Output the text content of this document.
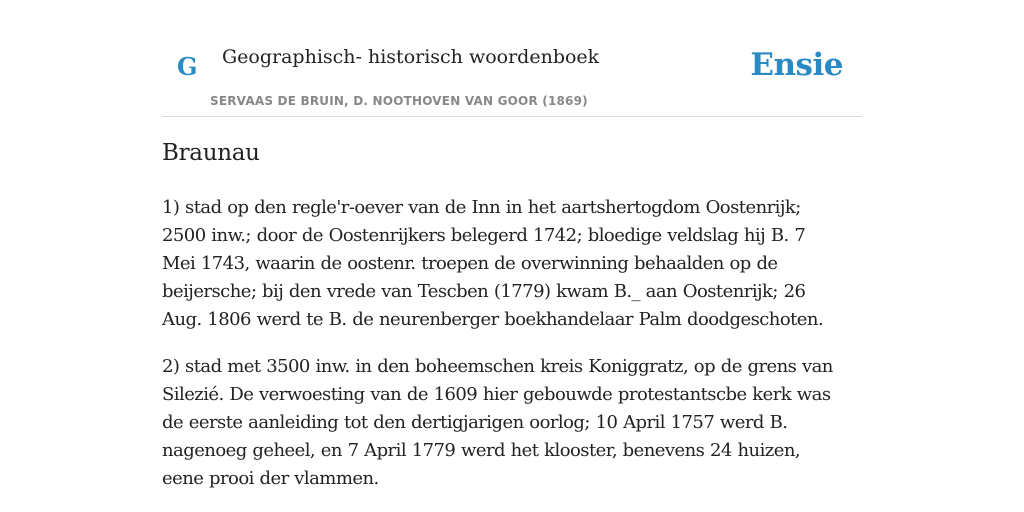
G Geographisch- historisch woordenboek
SERVAAS DE BRUIN, D. NOOTHOVEN VAN GOOR (1869)
Ensie
Braunau

1) stad op den regle'r-oever van de Inn in het aartshertogdom Oostenrijk; 2500 inw.; door de Oostenrijkers belegerd 1742; bloedige veldslag hij B. 7 Mei 1743, waarin de oostenr. troepen de overwinning behaalden op de beijersche; bij den vrede van Tescben (1779) kwam B._ aan Oostenrijk; 26 Aug. 1806 werd te B. de neurenberger boekhandelaar Palm doodgeschoten.

2) stad met 3500 inw. in den boheemschen kreis Koniggratz, op de grens van Silezié. De verwoesting van de 1609 hier gebouwde protestantscbe kerk was de eerste aanleiding tot den dertigjarigen oorlog; 10 April 1757 werd B. nagenoeg geheel, en 7 April 1779 werd het klooster, benevens 24 huizen, eene prooi der vlammen.
